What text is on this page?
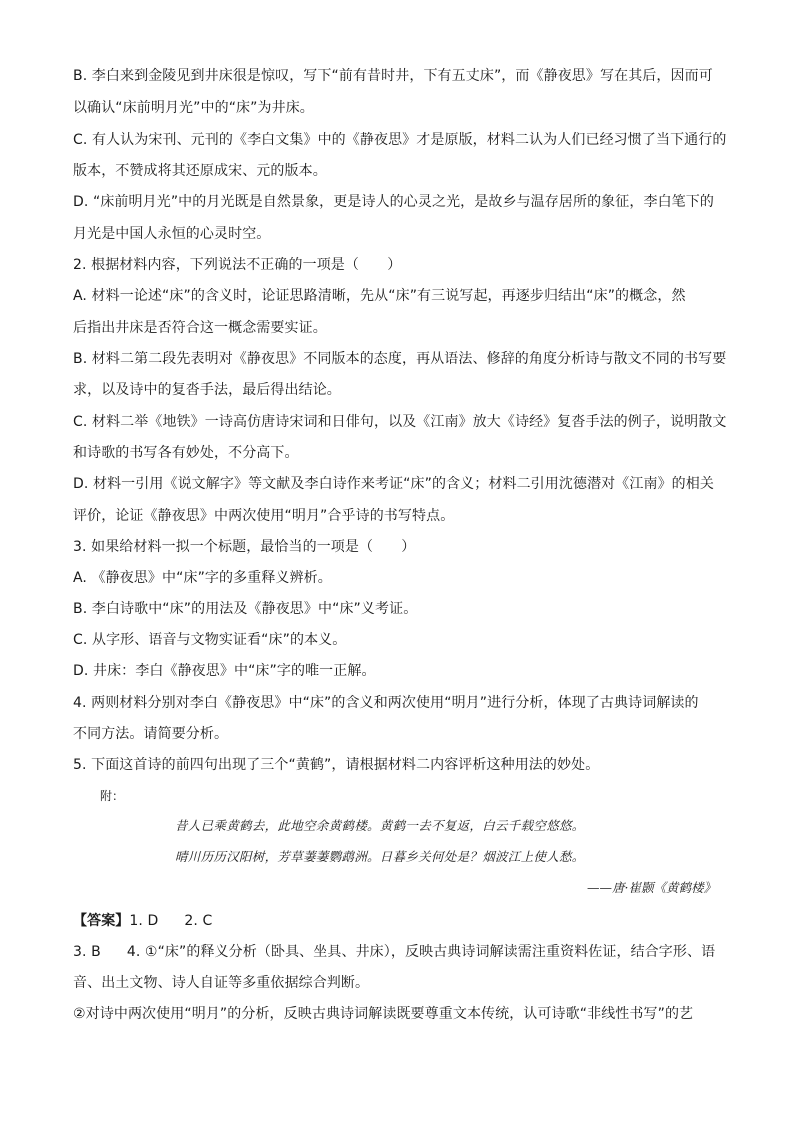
B. 李白来到金陵见到井床很是惊叹，写下“前有昔时井，下有五丈床”，而《静夜思》写在其后，因而可
以确认“床前明月光”中的“床”为井床。
C. 有人认为宋刊、元刊的《李白文集》中的《静夜思》才是原版，材料二认为人们已经习惯了当下通行的
版本，不赞成将其还原成宋、元的版本。
D. “床前明月光”中的月光既是自然景象，更是诗人的心灵之光，是故乡与温存居所的象征，李白笔下的
月光是中国人永恒的心灵时空。
2. 根据材料内容，下列说法不正确的一项是（　　）
A. 材料一论述“床”的含义时，论证思路清晰，先从“床”有三说写起，再逐步归结出“床”的概念，然
后指出井床是否符合这一概念需要实证。
B. 材料二第二段先表明对《静夜思》不同版本的态度，再从语法、修辞的角度分析诗与散文不同的书写要
求，以及诗中的复沓手法，最后得出结论。
C. 材料二举《地铁》一诗高仿唐诗宋词和日俳句，以及《江南》放大《诗经》复沓手法的例子，说明散文
和诗歌的书写各有妙处，不分高下。
D. 材料一引用《说文解字》等文献及李白诗作来考证“床”的含义；材料二引用沈德潜对《江南》的相关
评价，论证《静夜思》中两次使用“明月”合乎诗的书写特点。
3. 如果给材料一拟一个标题，最恰当的一项是（　　）
A. 《静夜思》中“床”字的多重释义辨析。
B. 李白诗歌中“床”的用法及《静夜思》中“床”义考证。
C. 从字形、语音与文物实证看“床”的本义。
D. 井床：李白《静夜思》中“床”字的唯一正解。
4. 两则材料分别对李白《静夜思》中“床”的含义和两次使用“明月”进行分析，体现了古典诗词解读的
不同方法。请简要分析。
5. 下面这首诗的前四句出现了三个“黄鹤”，请根据材料二内容评析这种用法的妙处。
附：
昔人已乘黄鹤去，此地空余黄鹤楼。黄鹤一去不复返，白云千载空悠悠。
晴川历历汉阳树，芳草萋萋鹦鹉洲。日暮乡关何处是？烟波江上使人愁。
——唐·崔颢《黄鹤楼》
【答案】1. D 2. C
3. B 4. ①“床”的释义分析（卧具、坐具、井床），反映古典诗词解读需注重资料佐证，结合字形、语
音、出土文物、诗人自证等多重依据综合判断。
②对诗中两次使用“明月”的分析，反映古典诗词解读既要尊重文本传统，认可诗歌“非线性书写”的艺
